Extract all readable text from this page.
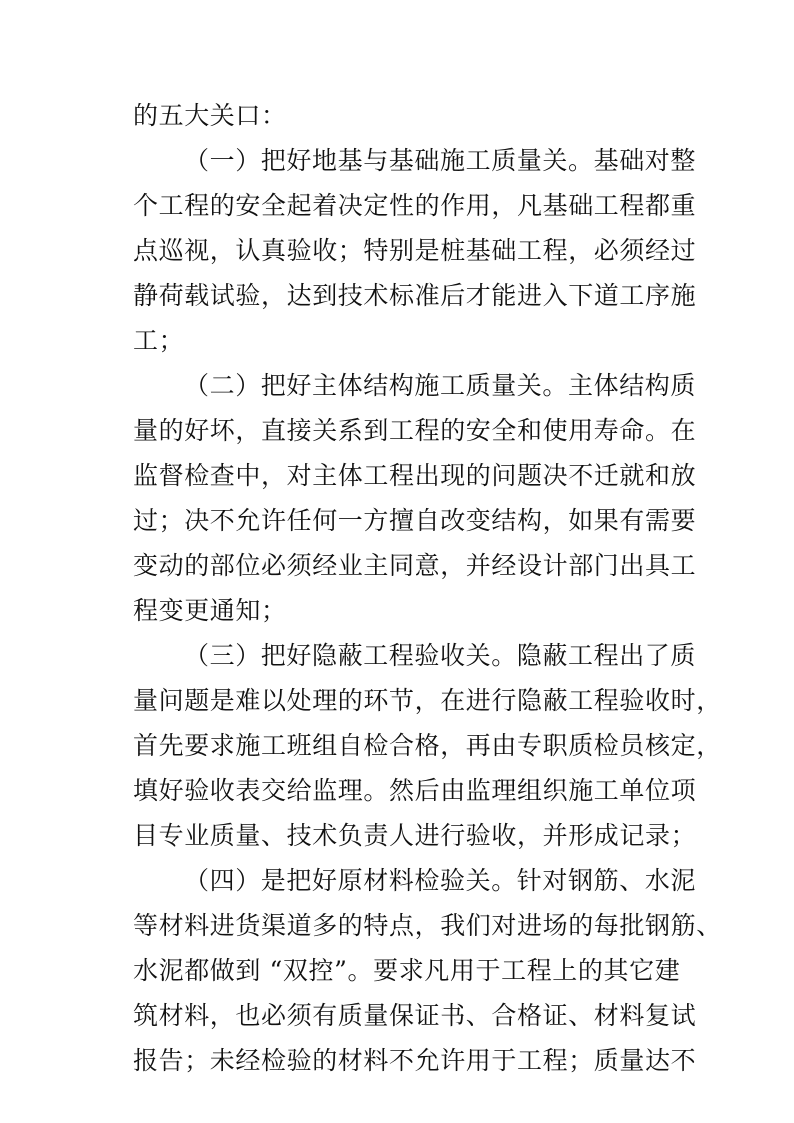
的五大关口：
（一）把好地基与基础施工质量关。基础对整
个工程的安全起着决定性的作用，凡基础工程都重
点巡视，认真验收；特别是桩基础工程，必须经过
静荷载试验，达到技术标准后才能进入下道工序施
工；
（二）把好主体结构施工质量关。主体结构质
量的好坏，直接关系到工程的安全和使用寿命。在
监督检查中，对主体工程出现的问题决不迁就和放
过；决不允许任何一方擅自改变结构，如果有需要
变动的部位必须经业主同意，并经设计部门出具工
程变更通知；
（三）把好隐蔽工程验收关。隐蔽工程出了质
量问题是难以处理的环节，在进行隐蔽工程验收时，
首先要求施工班组自检合格，再由专职质检员核定，
填好验收表交给监理。然后由监理组织施工单位项
目专业质量、技术负责人进行验收，并形成记录；
（四）是把好原材料检验关。针对钢筋、水泥
等材料进货渠道多的特点，我们对进场的每批钢筋、
水泥都做到 “双控”。要求凡用于工程上的其它建
筑材料，也必须有质量保证书、合格证、材料复试
报告；未经检验的材料不允许用于工程；质量达不
